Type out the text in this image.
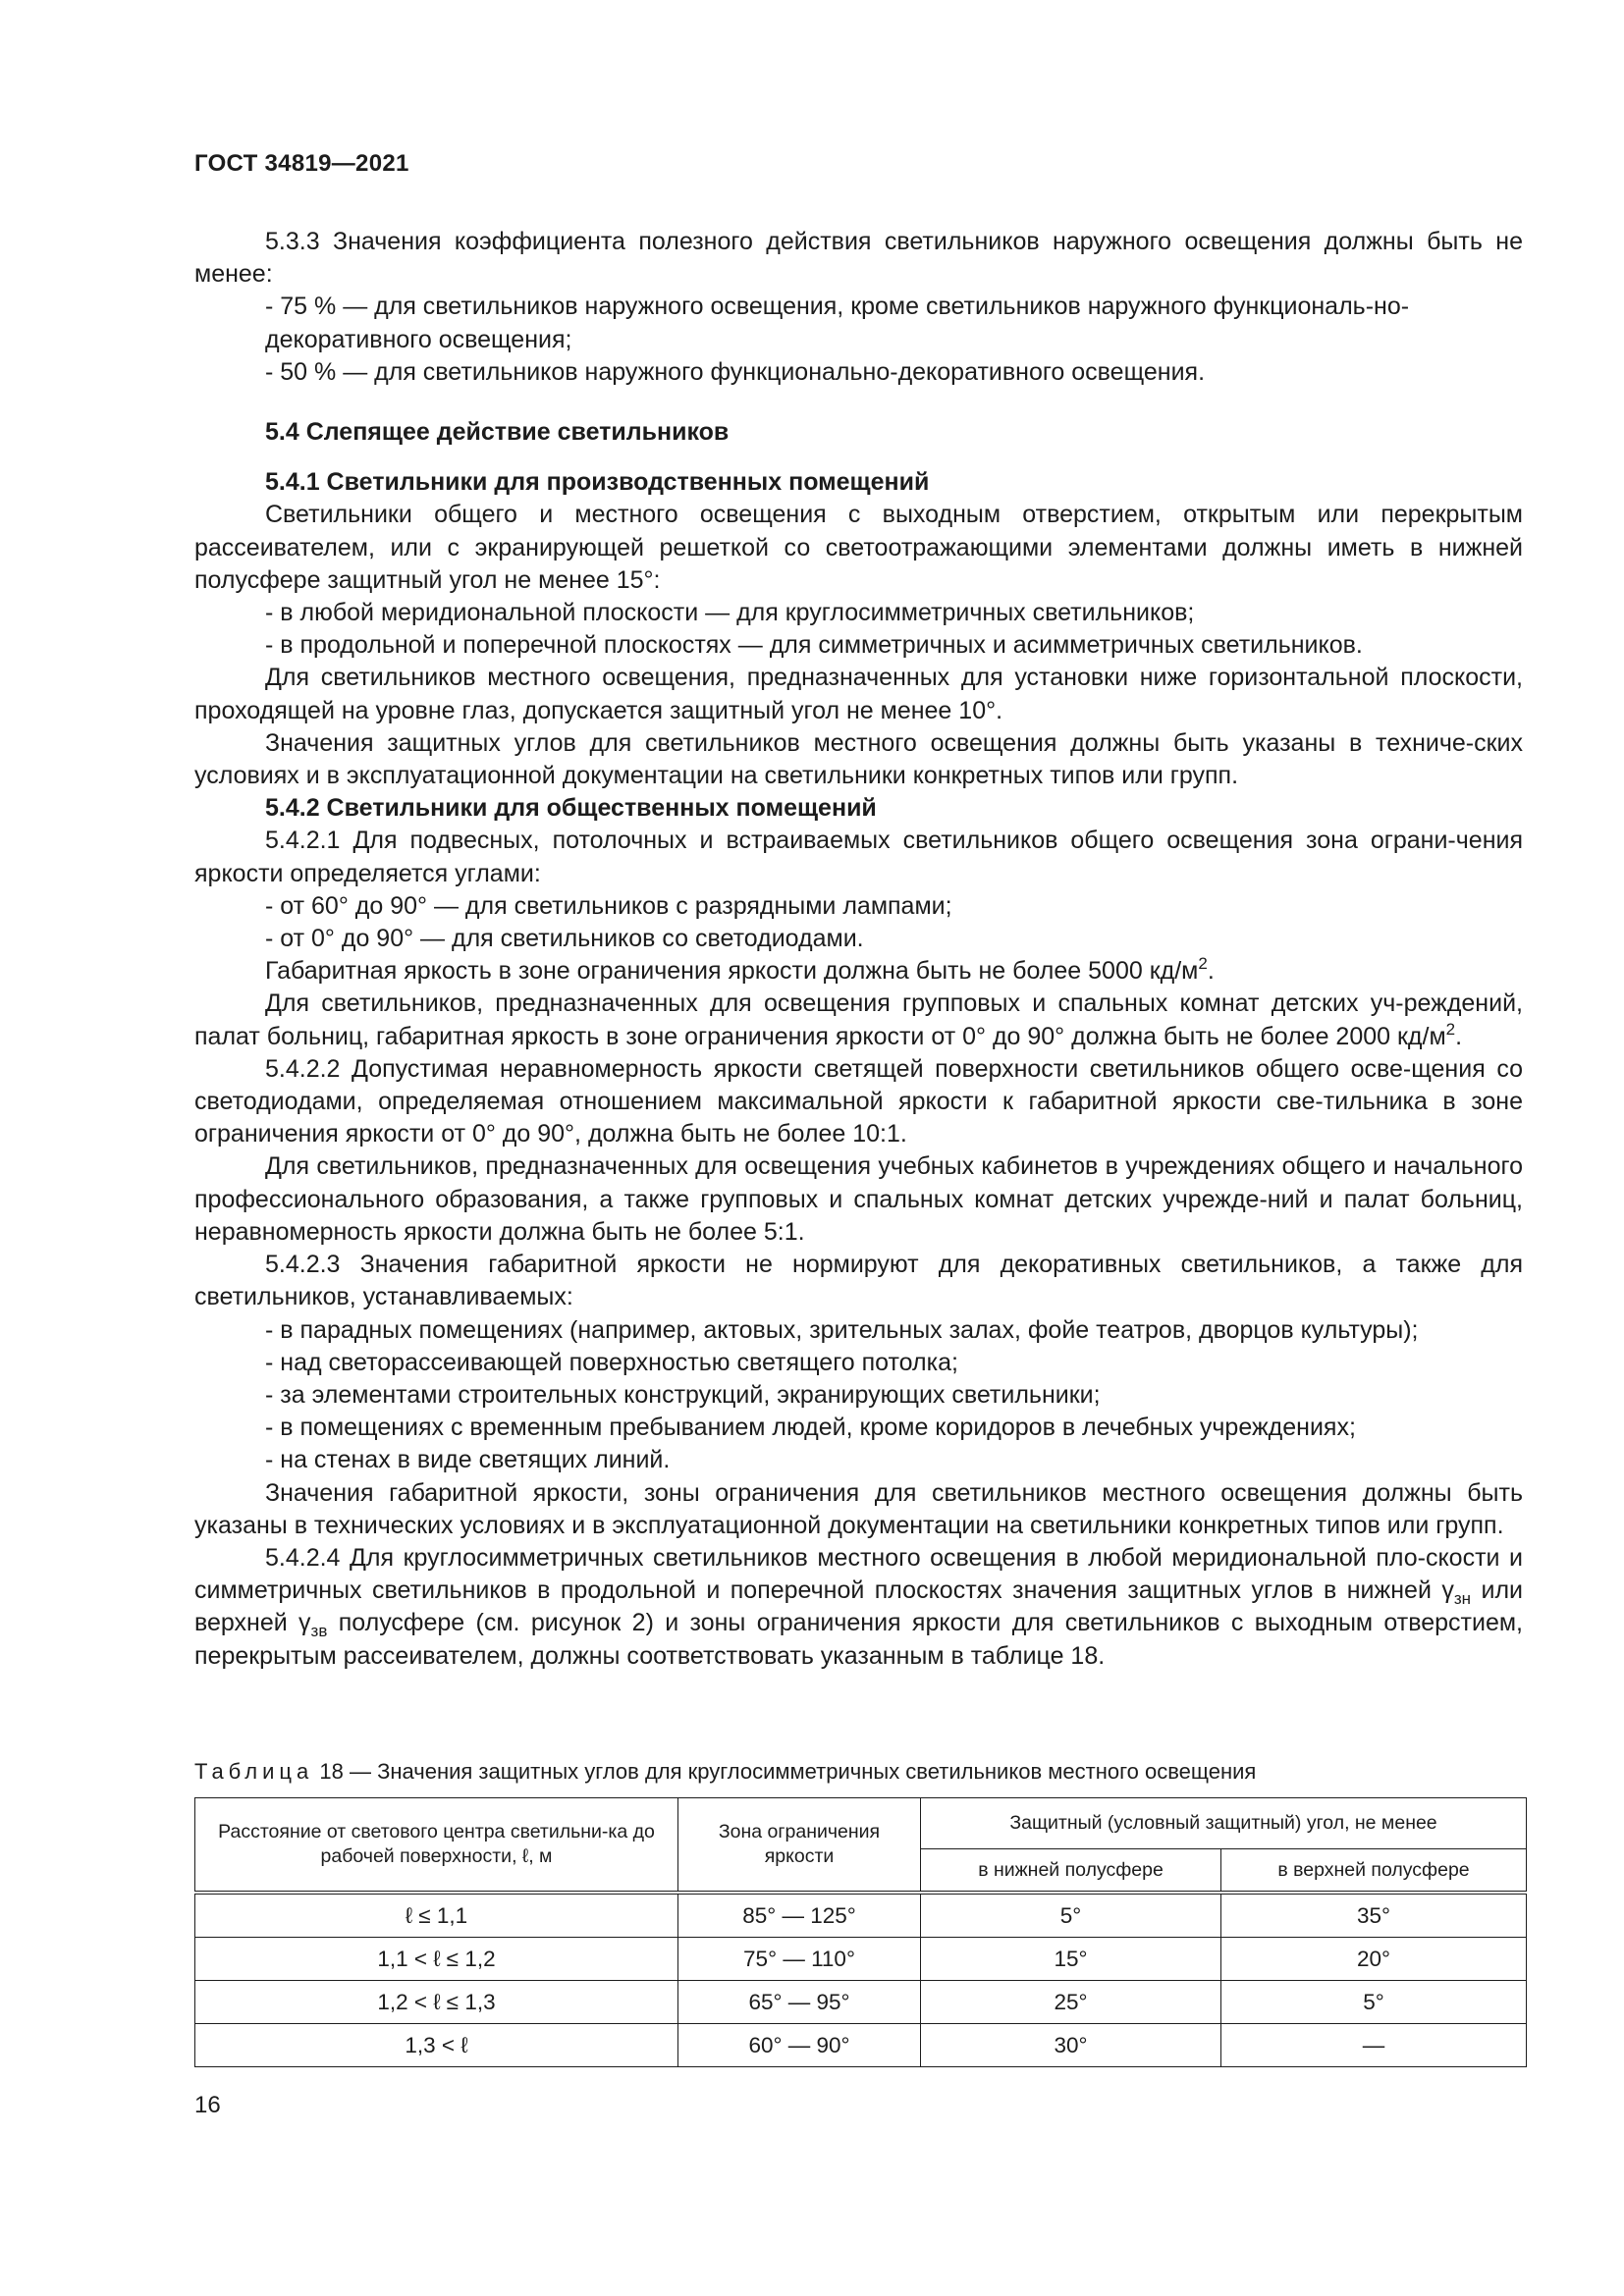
ГОСТ 34819—2021

5.3.3 Значения коэффициента полезного действия светильников наружного освещения должны быть не менее:

- 75 % — для светильников наружного освещения, кроме светильников наружного функциональ-но-декоративного освещения;

- 50 % — для светильников наружного функционально-декоративного освещения.

5.4 Слепящее действие светильников

5.4.1 Светильники для производственных помещений

Светильники общего и местного освещения с выходным отверстием, открытым или перекрытым рассеивателем, или с экранирующей решеткой со светоотражающими элементами должны иметь в нижней полусфере защитный угол не менее 15°:

- в любой меридиональной плоскости — для круглосимметричных светильников;

- в продольной и поперечной плоскостях — для симметричных и асимметричных светильников.

Для светильников местного освещения, предназначенных для установки ниже горизонтальной плоскости, проходящей на уровне глаз, допускается защитный угол не менее 10°.

Значения защитных углов для светильников местного освещения должны быть указаны в техниче-ских условиях и в эксплуатационной документации на светильники конкретных типов или групп.

5.4.2 Светильники для общественных помещений

5.4.2.1 Для подвесных, потолочных и встраиваемых светильников общего освещения зона ограни-чения яркости определяется углами:

- от 60° до 90° — для светильников с разрядными лампами;

- от 0° до 90° — для светильников со светодиодами.

Габаритная яркость в зоне ограничения яркости должна быть не более 5000 $кд/м^2$.

Для светильников, предназначенных для освещения групповых и спальных комнат детских уч-реждений, палат больниц, габаритная яркость в зоне ограничения яркости от 0° до 90° должна быть не более 2000 $кд/м^2$.

5.4.2.2 Допустимая неравномерность яркости светящей поверхности светильников общего осве-щения со светодиодами, определяемая отношением максимальной яркости к габаритной яркости све-тильника в зоне ограничения яркости от 0° до 90°, должна быть не более 10:1.

Для светильников, предназначенных для освещения учебных кабинетов в учреждениях общего и начального профессионального образования, а также групповых и спальных комнат детских учрежде-ний и палат больниц, неравномерность яркости должна быть не более 5:1.

5.4.2.3 Значения габаритной яркости не нормируют для декоративных светильников, а также для светильников, устанавливаемых:

- в парадных помещениях (например, актовых, зрительных залах, фойе театров, дворцов культуры);

- над светорассеивающей поверхностью светящего потолка;

- за элементами строительных конструкций, экранирующих светильники;

- в помещениях с временным пребыванием людей, кроме коридоров в лечебных учреждениях;

- на стенах в виде светящих линий.

Значения габаритной яркости, зоны ограничения для светильников местного освещения должны быть указаны в технических условиях и в эксплуатационной документации на светильники конкретных типов или групп.

5.4.2.4 Для круглосимметричных светильников местного освещения в любой меридиональной пло-скости и симметричных светильников в продольной и поперечной плоскостях значения защитных углов в нижней $\gamma_{зн}$ или верхней $\gamma_{зв}$ полусфере (см. рисунок 2) и зоны ограничения яркости для светильников с выходным отверстием, перекрытым рассеивателем, должны соответствовать указанным в таблице 18.

Таблица 18 — Значения защитных углов для круглосимметричных светильников местного освещения
Расстояние от светового центра светильни-ка до рабочей поверхности, ℓ, м	Зона ограничения яркости	Защитный (условный защитный) угол, не менее	
		в нижней полусфере	в верхней полусфере
ℓ ≤ 1,1	85° — 125°	5°	35°
1,1 < ℓ ≤ 1,2	75° — 110°	15°	20°
1,2 < ℓ ≤ 1,3	65° — 95°	25°	5°
1,3 < ℓ	60° — 90°	30°	—
16
